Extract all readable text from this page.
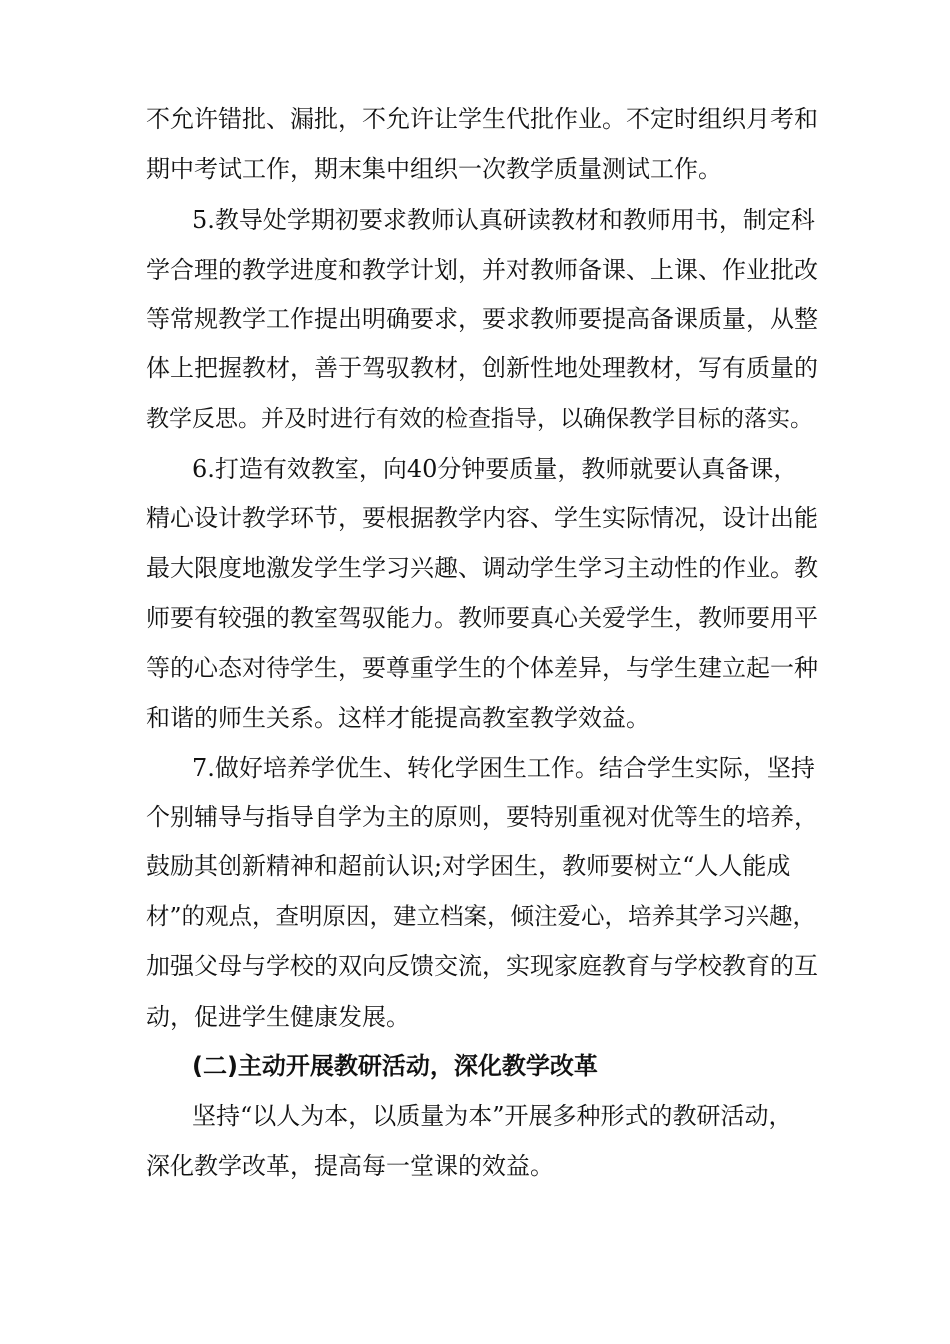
不允许错批、漏批，不允许让学生代批作业。不定时组织月考和
期中考试工作，期末集中组织一次教学质量测试工作。
5.教导处学期初要求教师认真研读教材和教师用书，制定科
学合理的教学进度和教学计划，并对教师备课、上课、作业批改
等常规教学工作提出明确要求，要求教师要提高备课质量，从整
体上把握教材，善于驾驭教材，创新性地处理教材，写有质量的
教学反思。并及时进行有效的检查指导，以确保教学目标的落实。
6.打造有效教室，向40分钟要质量，教师就要认真备课，
精心设计教学环节，要根据教学内容、学生实际情况，设计出能
最大限度地激发学生学习兴趣、调动学生学习主动性的作业。教
师要有较强的教室驾驭能力。教师要真心关爱学生，教师要用平
等的心态对待学生，要尊重学生的个体差异，与学生建立起一种
和谐的师生关系。这样才能提高教室教学效益。
7.做好培养学优生、转化学困生工作。结合学生实际，坚持
个别辅导与指导自学为主的原则，要特别重视对优等生的培养，
鼓励其创新精神和超前认识;对学困生，教师要树立“人人能成
材”的观点，查明原因，建立档案，倾注爱心，培养其学习兴趣，
加强父母与学校的双向反馈交流，实现家庭教育与学校教育的互
动，促进学生健康发展。
(二)主动开展教研活动，深化教学改革
坚持“以人为本，以质量为本”开展多种形式的教研活动，
深化教学改革，提高每一堂课的效益。
